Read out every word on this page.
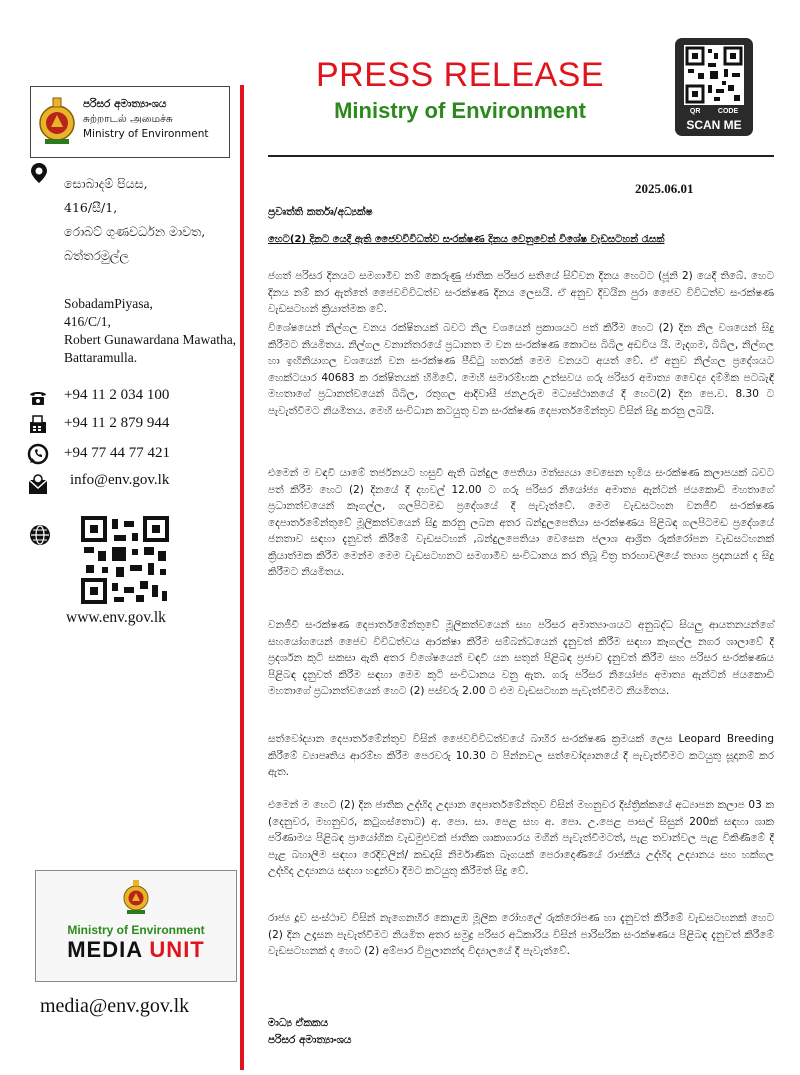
පරිසර අමාත්‍යාංශය
சுற்றாடல் அமைச்சு
Ministry of Environment
PRESS RELEASE
Ministry of Environment	QR	CODE
SCAN ME
සොබාදම් පියස,
416/සී/1,
රොබට් ගුණවර්ධන මාවත,
බත්තරමුල්ල
SobadamPiyasa,
416/C/1,
Robert Gunawardana Mawatha,
Battaramulla.
+94 11 2 034 100
+94 11 2 879 944
+94 77 44 77 421
info@env.gov.lk
www.env.gov.lk
Ministry of Environment
MEDIA UNIT
media@env.gov.lk
2025.06.01
ප්‍රවෘත්ති කර්තෘ/අධ්‍යක්ෂ
හෙට(2) දිනට යෙදී ඇති ජෛවවිවිධත්ව සංරක්ෂණ දිනය වෙනුවෙන් විශේෂ වැඩසටහන් රැසක්
ජගත් පරිසර දිනයට සමගාමීව නම් කෙරුණු ජාතික පරිසර සතියේ සිව්වන දිනය හෙටට (ජූනි 2) යෙදී තිබේ. හෙට දිනය නම් කර ඇත්තේ ජෛවවිවිධත්ව සංරක්ෂණ දිනය ලෙසයි. ඒ අනුව දිවයින පුරා ජෛව විවිධත්ව සංරක්ෂණ වැඩසටහන් ක්‍රියාත්මක වේ.
විශේෂයෙන් නිල්ගල වනය රක්ෂිතයක් බවට නිල වශයෙන් ප්‍රකාශයට පත් කිරීම හෙට (2) දින නිල වශයෙන් සිදු කිරීමට නියමිතය. නිල්ගල වනාන්තරයේ ප්‍රධානත ම වන සංරක්ෂණ කොටස බිබිල අඩවිය යි. මැදගම, බිබිල, නිල්ගල හා ඉඟිනියාගල වශයෙන් වන සංරක්ෂණ පීඩිටු හතරක් මෙම වනයට අයත් වේ. ඒ අනුව නිල්ගල ප්‍රදේශයට හෙක්ටයාර 40683 ක රක්ෂිතයක් හිමිවේ. මෙහි සමාරම්භක උත්සවය ගරු පරිසර අමාත්‍ය වෛද්‍ය දම්මික පටබැඳි මහතාගේ ප්‍රධානත්වයෙන් බිබිල, රතුගල ආදිවාසී ජනඋරුම මධ්‍යස්ථානයේ දී හෙට(2) දින පෙ.ව. 8.30 ට පැවැත්වීමට නියමිතය. මෙහි සංවිධාන කටයුතු වන සංරක්ෂණ දෙපාර්තමේන්තුව විසින් සිදු කරනු ලබයි.
එමෙන් ම වඳවී යාමේ තර්ජනයට හසුවී ඇති බන්දුල පෙතියා මත්ස්‍යයා වෙසෙන භූමිය සංරක්ෂණ කලාපයක් බවට පත් කිරීම හෙට (2) දිනයේ දී දහවල් 12.00 ට ගරු පරිසර නියෝජ්‍ය අමාත්‍ය ඇන්ටන් ජයකොඩි මහතාගේ ප්‍රධානත්වයෙන් කෑගල්ල, ගලපිටමඩ ප්‍රදේශයේ දී පැවැත්වේ. මෙම වැඩසටහන වනජීවී සංරක්ෂණ දෙපාර්තමේන්තුවේ මූලිකත්වයෙන් සිදු කරනු ලබන අතර බන්දුලපෙතියා සංරක්ෂණය පිළිබඳ ගලපිටමඩ ප්‍රදේශයේ ජනතාව සඳහා දැනුවත් කිරීමේ වැඩසටහන් ,බන්දුලපෙතියා වෙසෙන ජලාශ ආශ්‍රිත රුක්රෝපන වැඩසටහනක් ක්‍රියාත්මක කිරීම මෙන්ම මෙම වැඩසටහනට සමගාමීව සංවිධානය කර තිබූ චිත්‍ර තරඟාවලියේ ත්‍යාග ප්‍රදානයන් ද සිදු කිරීමට නියමිතය.
වනජීවී සංරක්ෂණ දෙපාර්තමේන්තුවේ මූලිකත්වයෙන් සහ පරිසර අමාත්‍යාංශයට අනුබද්ධ සියලු ආයතනයන්ගේ සහයෝගයෙන් ජෛව විවිධත්වය ආරක්ෂා කිරීම සම්බන්ධයෙන් දැනුවත් කිරීම සඳහා කෑගල්ල නගර ශාලාවේ දී ප්‍රදර්ශන කුටි සකසා ඇති අතර විශේෂයෙන් වඳවී යන සතුන් පිළිබඳ ප්‍රජාව දැනුවත් කිරීම සහ පරිසර සංරක්ෂණය පිළිබඳ දැනුවත් කිරීම සඳහා මෙම කුටි සංවිධානය වනු ඇත. ගරු පරිසර නියෝජ්‍ය අමාත්‍ය ඇන්ටන් ජයකොඩි මහතාගේ ප්‍රධානත්වයෙන් හෙට (2) පස්වරු 2.00 ට එම වැඩසටහන පැවැත්වීමට නියමිතය.
සත්වෝද්‍යාන දෙපාර්තමේන්තුව විසින් ජෛවවිවිධත්වයේ බාහිර සංරක්ෂණ ක්‍රමයක් ලෙස Leopard Breeding කිරීමේ ව්‍යාපෘතිය ආරම්භ කිරීම පෙරවරු 10.30 ට පින්නවල සත්වෝද්‍යානයේ දී පැවැත්වීමට කටයුතු සූදානම් කර ඇත.
එමෙන් ම හෙට (2) දින ජාතික උද්භිද උද්‍යාන දෙපාර්තමේන්තුව විසින් මහනුවර දිස්ත්‍රික්කයේ අධ්‍යාපන කලාප 03 ක (දෙනුවර, මහනුවර, කටුගස්තොට) අ. පො. සා. පෙළ සහ අ. පො. උ.පෙළ පාසල් සිසුන් 200ක් සඳහා ශාක පරිණාමය පිළිබඳ ප්‍රායෝගික වැඩමුළුවක් ජාතික ශාකාගාරය මගින් පැවැත්වීමටත්, පැළ තවාන්වල පැළ විකිණීමේ දී පැළ බහාලීම සඳහා රෙදිවලින්/ කඩදාසි නිර්මාණිත බෑගයක් පෙරාදෙණියේ රාජකීය උද්භිද උද්‍යානය සහ හක්ගල උද්භිද උද්‍යානය සඳහා හඳුන්වා දීමට කටයුතු කිරීමත් සිදු වේ.
රාජ්‍ය දූව සංස්ථාව විසින් නැගෙනහිර කොළඹ මූලික රෝහලේ රුක්රෝපණ හා දැනුවත් කිරීමේ වැඩසටහනක් හෙට (2) දින උදෑසන පැවැත්වීමට නියමිත අතර සමුද්‍ර පරිසර අධිකාරිය විසින් පාරිසරික සංරක්ෂණය පිළිබඳ දැනුවත් කිරීමේ වැඩසටහනක් ද හෙට (2) අම්පාර විපුලානන්ද විද්‍යාලයේ දී පැවැත්වේ.
මාධ්‍ය ඒකකය
පරිසර අමාත්‍යාංශය
